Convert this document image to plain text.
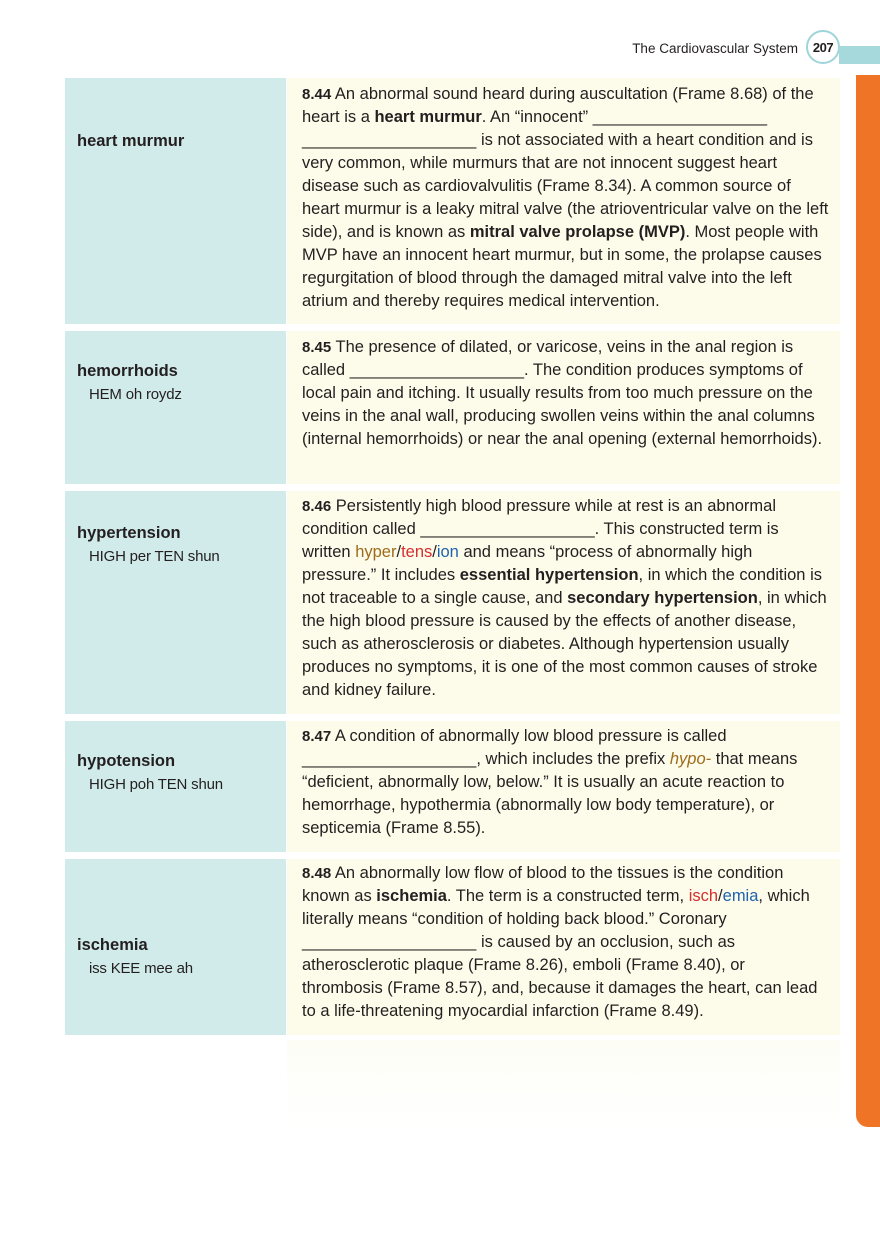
The Cardiovascular System	207
heart murmur
8.44 An abnormal sound heard during auscultation (Frame 8.68) of the heart is a heart murmur. An “innocent” ___________________ ___________________ is not associated with a heart condition and is very common, while murmurs that are not innocent suggest heart disease such as cardiovalvulitis (Frame 8.34). A common source of heart murmur is a leaky mitral valve (the atrioventricular valve on the left side), and is known as mitral valve prolapse (MVP). Most people with MVP have an innocent heart murmur, but in some, the prolapse causes regurgitation of blood through the damaged mitral valve into the left atrium and thereby requires medical intervention.
hemorrhoids
HEM oh roydz
8.45 The presence of dilated, or varicose, veins in the anal region is called ___________________. The condition produces symptoms of local pain and itching. It usually results from too much pressure on the veins in the anal wall, producing swollen veins within the anal columns (internal hemorrhoids) or near the anal opening (external hemorrhoids).
hypertension
HIGH per TEN shun
8.46 Persistently high blood pressure while at rest is an abnormal condition called ___________________. This constructed term is written hyper/tens/ion and means “process of abnormally high pressure.” It includes essential hypertension, in which the condition is not traceable to a single cause, and secondary hypertension, in which the high blood pressure is caused by the effects of another disease, such as atherosclerosis or diabetes. Although hypertension usually produces no symptoms, it is one of the most common causes of stroke and kidney failure.
hypotension
HIGH poh TEN shun
8.47 A condition of abnormally low blood pressure is called ___________________, which includes the prefix hypo- that means “deficient, abnormally low, below.” It is usually an acute reaction to hemorrhage, hypothermia (abnormally low body temperature), or septicemia (Frame 8.55).
ischemia
iss KEE mee ah
8.48 An abnormally low flow of blood to the tissues is the condition known as ischemia. The term is a constructed term, isch/emia, which literally means “condition of holding back blood.” Coronary ___________________ is caused by an occlusion, such as atherosclerotic plaque (Frame 8.26), emboli (Frame 8.40), or thrombosis (Frame 8.57), and, because it damages the heart, can lead to a life-threatening myocardial infarction (Frame 8.49).
